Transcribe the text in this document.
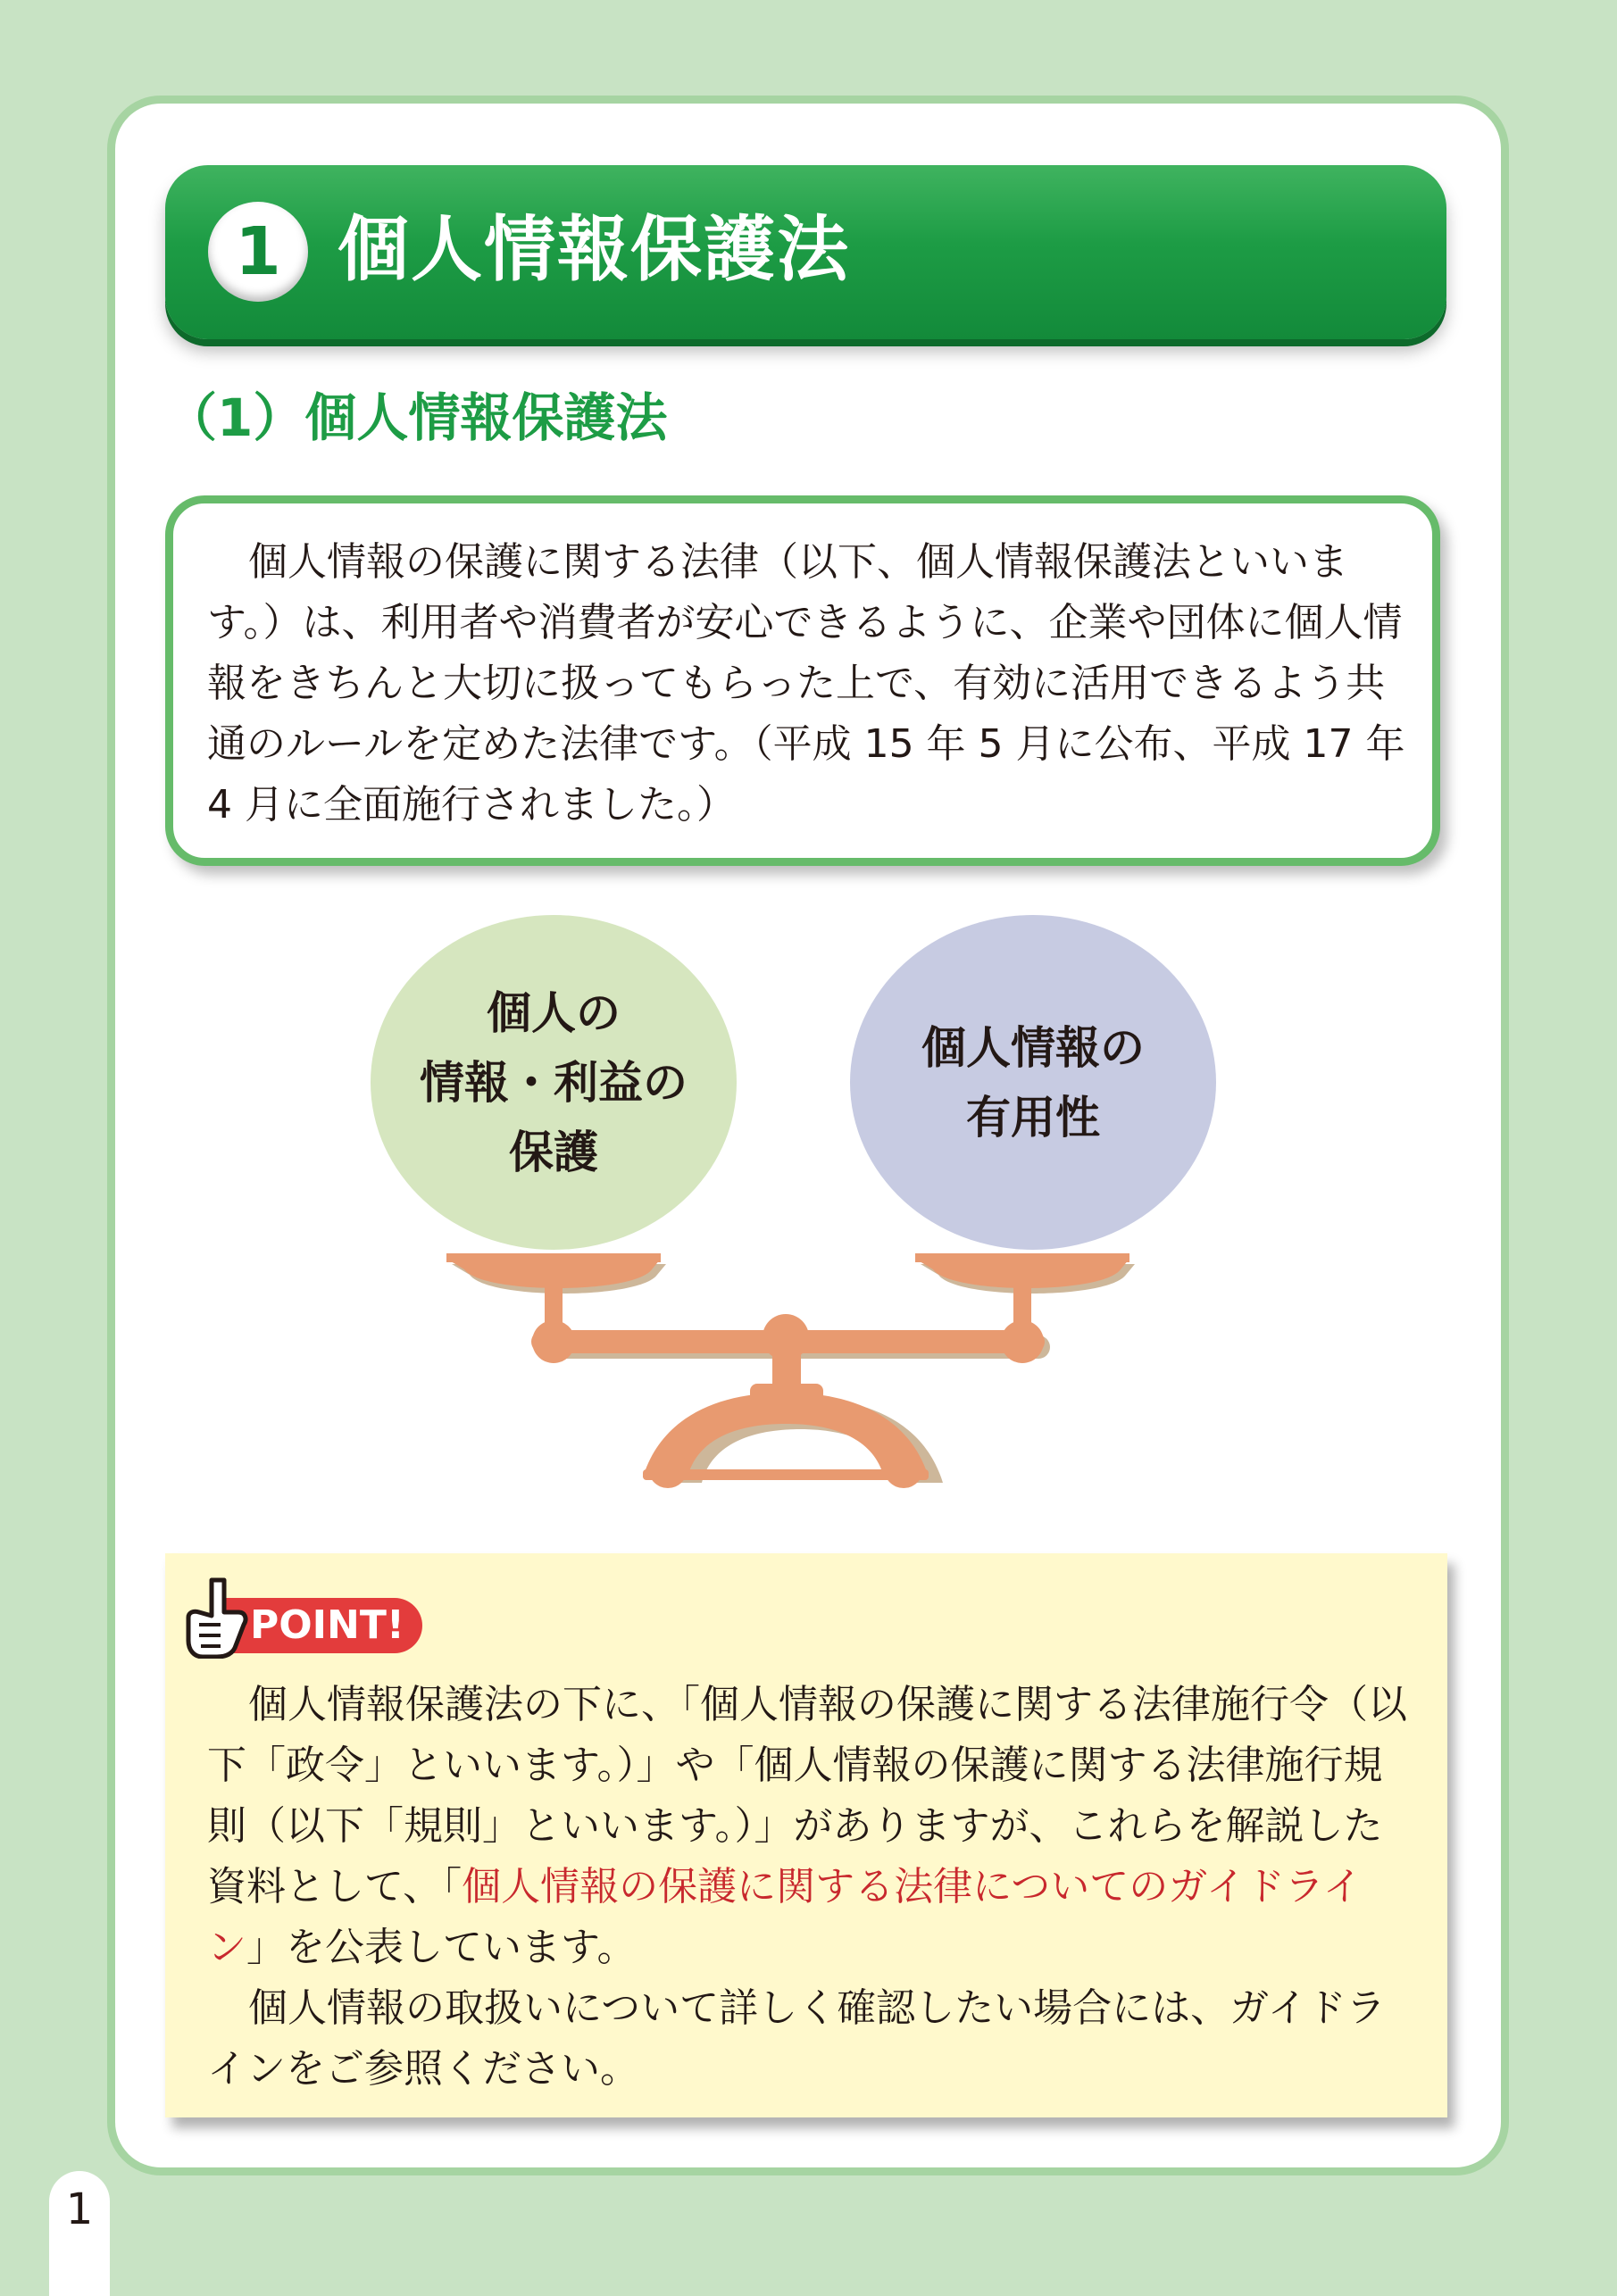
1 個人情報保護法
（1）個人情報保護法
個人情報の保護に関する法律（以下、個人情報保護法といいます。）は、利用者や消費者が安心できるように、企業や団体に個人情報をきちんと大切に扱ってもらった上で、有効に活用できるよう共通のルールを定めた法律です。（平成 15 年 5 月に公布、平成 17 年 4 月に全面施行されました。）
個人の
情報・利益の
保護
個人情報の
有用性
POINT!

個人情報保護法の下に、「個人情報の保護に関する法律施行令（以下「政令」といいます。）」や「個人情報の保護に関する法律施行規則（以下「規則」といいます。）」がありますが、これらを解説した資料として、「個人情報の保護に関する法律についてのガイドライン」を公表しています。

個人情報の取扱いについて詳しく確認したい場合には、ガイドラインをご参照ください。

1
